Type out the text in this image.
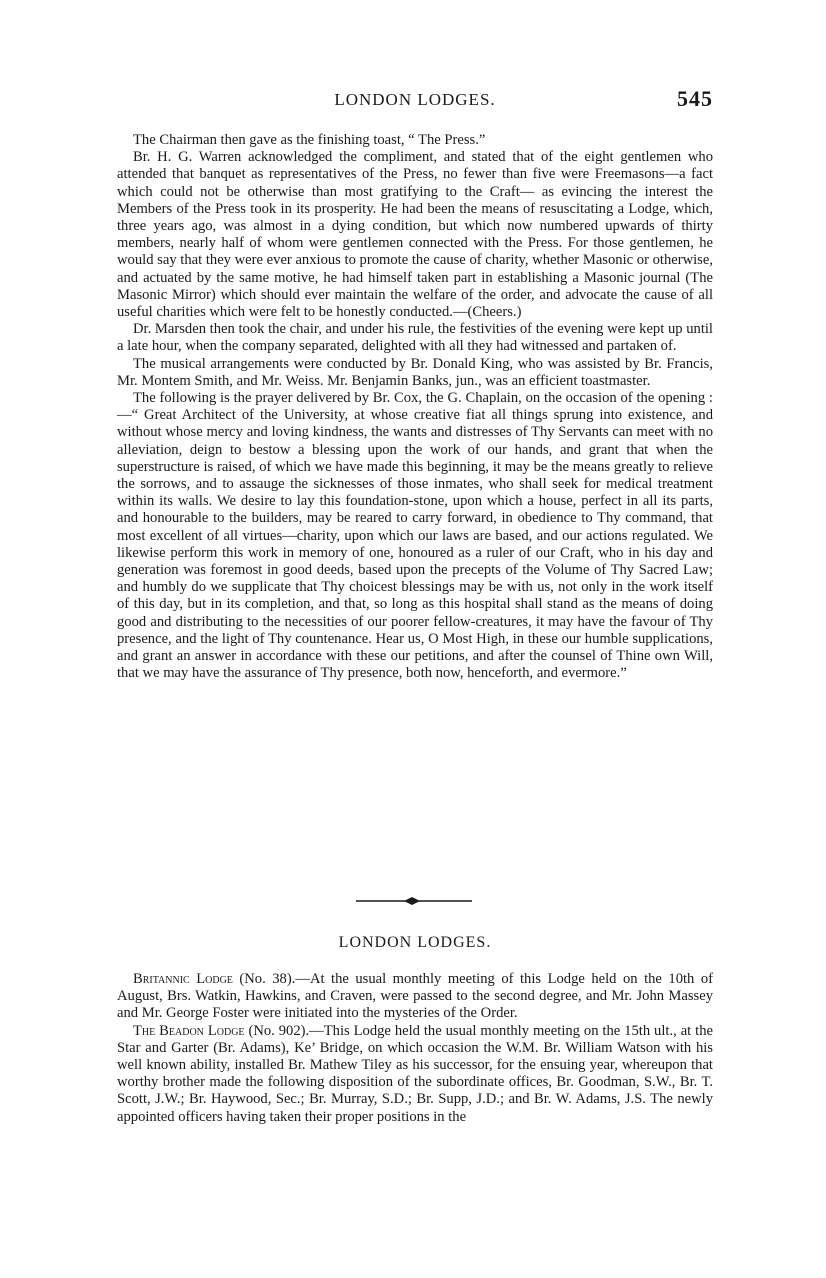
LONDON LODGES.	545

The Chairman then gave as the finishing toast, “ The Press.”

Br. H. G. Warren acknowledged the compliment, and stated that of the eight gentlemen who attended that banquet as representatives of the Press, no fewer than five were Freemasons—a fact which could not be otherwise than most gratifying to the Craft— as evincing the interest the Members of the Press took in its prosperity. He had been the means of resuscitating a Lodge, which, three years ago, was almost in a dying condition, but which now numbered upwards of thirty members, nearly half of whom were gentlemen connected with the Press. For those gentlemen, he would say that they were ever anxious to promote the cause of charity, whether Masonic or otherwise, and actuated by the same motive, he had himself taken part in establishing a Masonic journal (The Masonic Mirror) which should ever maintain the welfare of the order, and advocate the cause of all useful charities which were felt to be honestly conducted.—(Cheers.)

Dr. Marsden then took the chair, and under his rule, the festivities of the evening were kept up until a late hour, when the company separated, delighted with all they had witnessed and partaken of.

The musical arrangements were conducted by Br. Donald King, who was assisted by Br. Francis, Mr. Montem Smith, and Mr. Weiss. Mr. Benjamin Banks, jun., was an efficient toastmaster.

The following is the prayer delivered by Br. Cox, the G. Chaplain, on the occasion of the opening :—“ Great Architect of the University, at whose creative fiat all things sprung into existence, and without whose mercy and loving kindness, the wants and distresses of Thy Servants can meet with no alleviation, deign to bestow a blessing upon the work of our hands, and grant that when the superstructure is raised, of which we have made this beginning, it may be the means greatly to relieve the sorrows, and to assauge the sicknesses of those inmates, who shall seek for medical treatment within its walls. We desire to lay this foundation-stone, upon which a house, perfect in all its parts, and honourable to the builders, may be reared to carry forward, in obedience to Thy command, that most excellent of all virtues—charity, upon which our laws are based, and our actions regulated. We likewise perform this work in memory of one, honoured as a ruler of our Craft, who in his day and generation was foremost in good deeds, based upon the precepts of the Volume of Thy Sacred Law; and humbly do we supplicate that Thy choicest blessings may be with us, not only in the work itself of this day, but in its completion, and that, so long as this hospital shall stand as the means of doing good and distributing to the necessities of our poorer fellow-creatures, it may have the favour of Thy presence, and the light of Thy countenance. Hear us, O Most High, in these our humble supplications, and grant an answer in accordance with these our petitions, and after the counsel of Thine own Will, that we may have the assurance of Thy presence, both now, henceforth, and evermore.”

LONDON LODGES.

Britannic Lodge (No. 38).—At the usual monthly meeting of this Lodge held on the 10th of August, Brs. Watkin, Hawkins, and Craven, were passed to the second degree, and Mr. John Massey and Mr. George Foster were initiated into the mysteries of the Order.

The Beadon Lodge (No. 902).—This Lodge held the usual monthly meeting on the 15th ult., at the Star and Garter (Br. Adams), Ke’ Bridge, on which occasion the W.M. Br. William Watson with his well known ability, installed Br. Mathew Tiley as his successor, for the ensuing year, whereupon that worthy brother made the following disposition of the subordinate offices, Br. Goodman, S.W., Br. T. Scott, J.W.; Br. Haywood, Sec.; Br. Murray, S.D.; Br. Supp, J.D.; and Br. W. Adams, J.S. The newly appointed officers having taken their proper positions in the
